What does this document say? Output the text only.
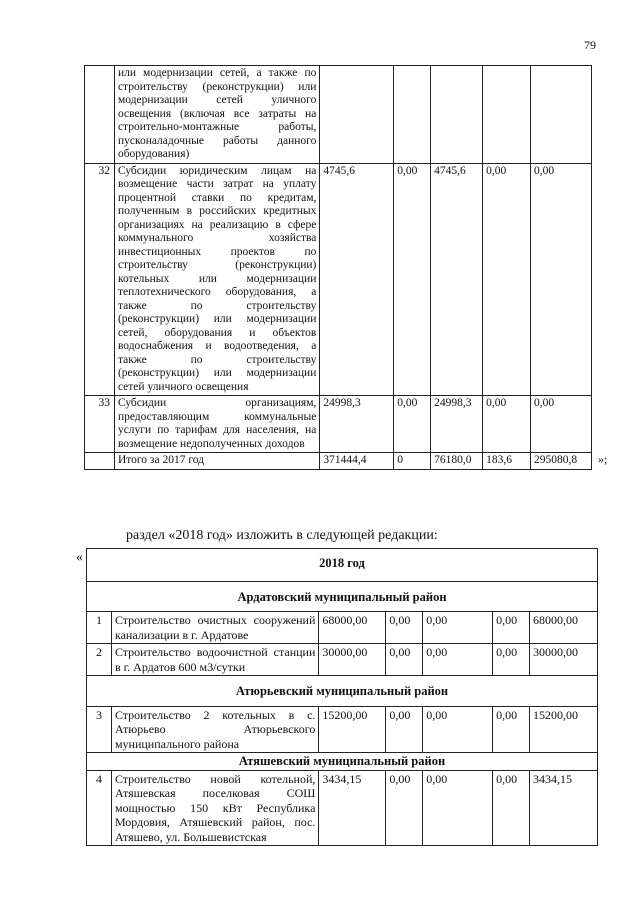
79
	или модернизации сетей, а также по строительству (реконструкции) или модернизации сетей уличного освещения (включая все затраты на строительно-монтажные работы, пусконаладочные работы данного оборудования)					
32	Субсидии юридическим лицам на возмещение части затрат на уплату процентной ставки по кредитам, полученным в российских кредитных организациях на реализацию в сфере коммунального хозяйства инвестиционных проектов по строительству (реконструкции) котельных или модернизации теплотехнического оборудования, а также по строительству (реконструкции) или модернизации сетей, оборудования и объектов водоснабжения и водоотведения, а также по строительству (реконструкции) или модернизации сетей уличного освещения	4745,6	0,00	4745,6	0,00	0,00
33	Субсидии организациям, предоставляющим коммунальные услуги по тарифам для населения, на возмещение недополученных доходов	24998,3	0,00	24998,3	0,00	0,00
	Итого за 2017 год	371444,4	0	76180,0	183,6	295080,8 »;
раздел «2018 год» изложить в следующей редакции:
«	2018 год						
Ардатовский муниципальный район						
1	Строительство очистных сооружений канализации в г. Ардатове	68000,00	0,00	0,00	0,00	68000,00
2	Строительство водоочистной станции в г. Ардатов 600 м3/сутки	30000,00	0,00	0,00	0,00	30000,00
Атюрьевский муниципальный район						
3	Строительство 2 котельных в с. Атюрьево Атюрьевского муниципального района	15200,00	0,00	0,00	0,00	15200,00
Атяшевский муниципальный район						
4	Строительство новой котельной, Атяшевская поселковая СОШ мощностью 150 кВт Республика Мордовия, Атяшевский район, пос. Атяшево, ул. Большевистская	3434,15	0,00	0,00	0,00	3434,15
